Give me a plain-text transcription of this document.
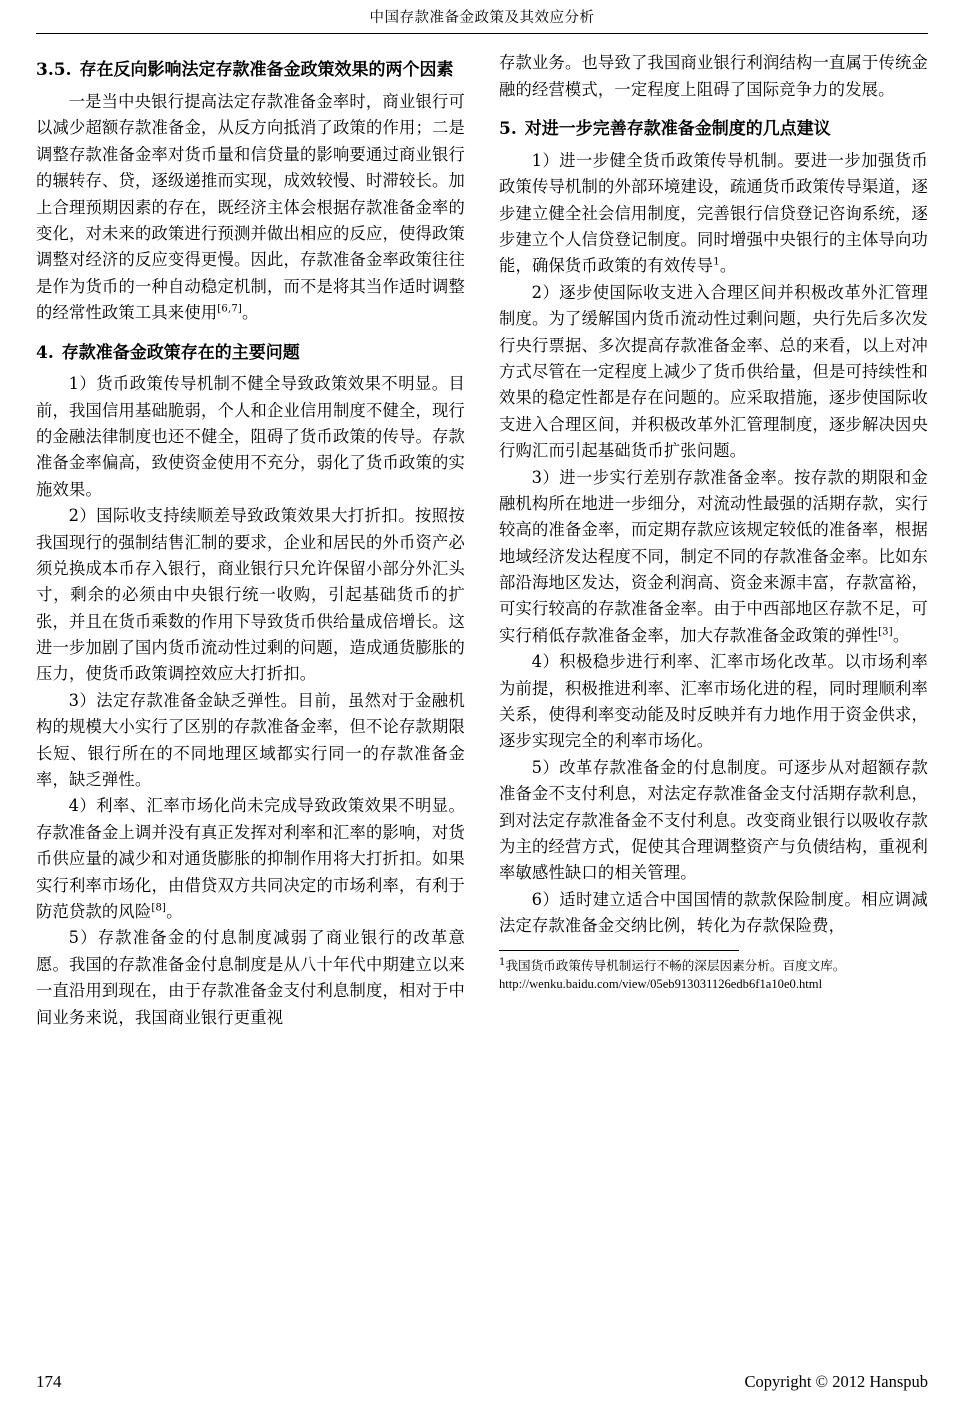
中国存款准备金政策及其效应分析
3.5. 存在反向影响法定存款准备金政策效果的两个因素

一是当中央银行提高法定存款准备金率时，商业银行可以减少超额存款准备金，从反方向抵消了政策的作用；二是调整存款准备金率对货币量和信贷量的影响要通过商业银行的辗转存、贷，逐级递推而实现，成效较慢、时滞较长。加上合理预期因素的存在，既经济主体会根据存款准备金率的变化，对未来的政策进行预测并做出相应的反应，使得政策调整对经济的反应变得更慢。因此，存款准备金率政策往往是作为货币的一种自动稳定机制，而不是将其当作适时调整的经常性政策工具来使用[6,7]。

4. 存款准备金政策存在的主要问题

1）货币政策传导机制不健全导致政策效果不明显。目前，我国信用基础脆弱，个人和企业信用制度不健全，现行的金融法律制度也还不健全，阻碍了货币政策的传导。存款准备金率偏高，致使资金使用不充分，弱化了货币政策的实施效果。

2）国际收支持续顺差导致政策效果大打折扣。按照按我国现行的强制结售汇制的要求，企业和居民的外币资产必须兑换成本币存入银行，商业银行只允许保留小部分外汇头寸，剩余的必须由中央银行统一收购，引起基础货币的扩张，并且在货币乘数的作用下导致货币供给量成倍增长。这进一步加剧了国内货币流动性过剩的问题，造成通货膨胀的压力，使货币政策调控效应大打折扣。

3）法定存款准备金缺乏弹性。目前，虽然对于金融机构的规模大小实行了区别的存款准备金率，但不论存款期限长短、银行所在的不同地理区域都实行同一的存款准备金率，缺乏弹性。

4）利率、汇率市场化尚未完成导致政策效果不明显。存款准备金上调并没有真正发挥对利率和汇率的影响，对货币供应量的减少和对通货膨胀的抑制作用将大打折扣。如果实行利率市场化，由借贷双方共同决定的市场利率，有利于防范贷款的风险[8]。

5）存款准备金的付息制度减弱了商业银行的改革意愿。我国的存款准备金付息制度是从八十年代中期建立以来一直沿用到现在，由于存款准备金支付利息制度，相对于中间业务来说，我国商业银行更重视

存款业务。也导致了我国商业银行利润结构一直属于传统金融的经营模式，一定程度上阻碍了国际竞争力的发展。

5. 对进一步完善存款准备金制度的几点建议

1）进一步健全货币政策传导机制。要进一步加强货币政策传导机制的外部环境建设，疏通货币政策传导渠道，逐步建立健全社会信用制度，完善银行信贷登记咨询系统，逐步建立个人信贷登记制度。同时增强中央银行的主体导向功能，确保货币政策的有效传导$^1$。

2）逐步使国际收支进入合理区间并积极改革外汇管理制度。为了缓解国内货币流动性过剩问题，央行先后多次发行央行票据、多次提高存款准备金率、总的来看，以上对冲方式尽管在一定程度上减少了货币供给量，但是可持续性和效果的稳定性都是存在问题的。应采取措施，逐步使国际收支进入合理区间，并积极改革外汇管理制度，逐步解决因央行购汇而引起基础货币扩张问题。

3）进一步实行差别存款准备金率。按存款的期限和金融机构所在地进一步细分，对流动性最强的活期存款，实行较高的准备金率，而定期存款应该规定较低的准备率，根据地域经济发达程度不同，制定不同的存款准备金率。比如东部沿海地区发达，资金利润高、资金来源丰富，存款富裕，可实行较高的存款准备金率。由于中西部地区存款不足，可实行稍低存款准备金率，加大存款准备金政策的弹性[3]。

4）积极稳步进行利率、汇率市场化改革。以市场利率为前提，积极推进利率、汇率市场化进的程，同时理顺利率关系，使得利率变动能及时反映并有力地作用于资金供求，逐步实现完全的利率市场化。

5）改革存款准备金的付息制度。可逐步从对超额存款准备金不支付利息，对法定存款准备金支付活期存款利息，到对法定存款准备金不支付利息。改变商业银行以吸收存款为主的经营方式，促使其合理调整资产与负债结构，重视利率敏感性缺口的相关管理。

6）适时建立适合中国国情的款款保险制度。相应调减法定存款准备金交纳比例，转化为存款保险费，

$^1$我国货币政策传导机制运行不畅的深层因素分析。百度文库。
http://wenku.baidu.com/view/05eb913031126edb6f1a10e0.html

174	Copyright © 2012 Hanspub
